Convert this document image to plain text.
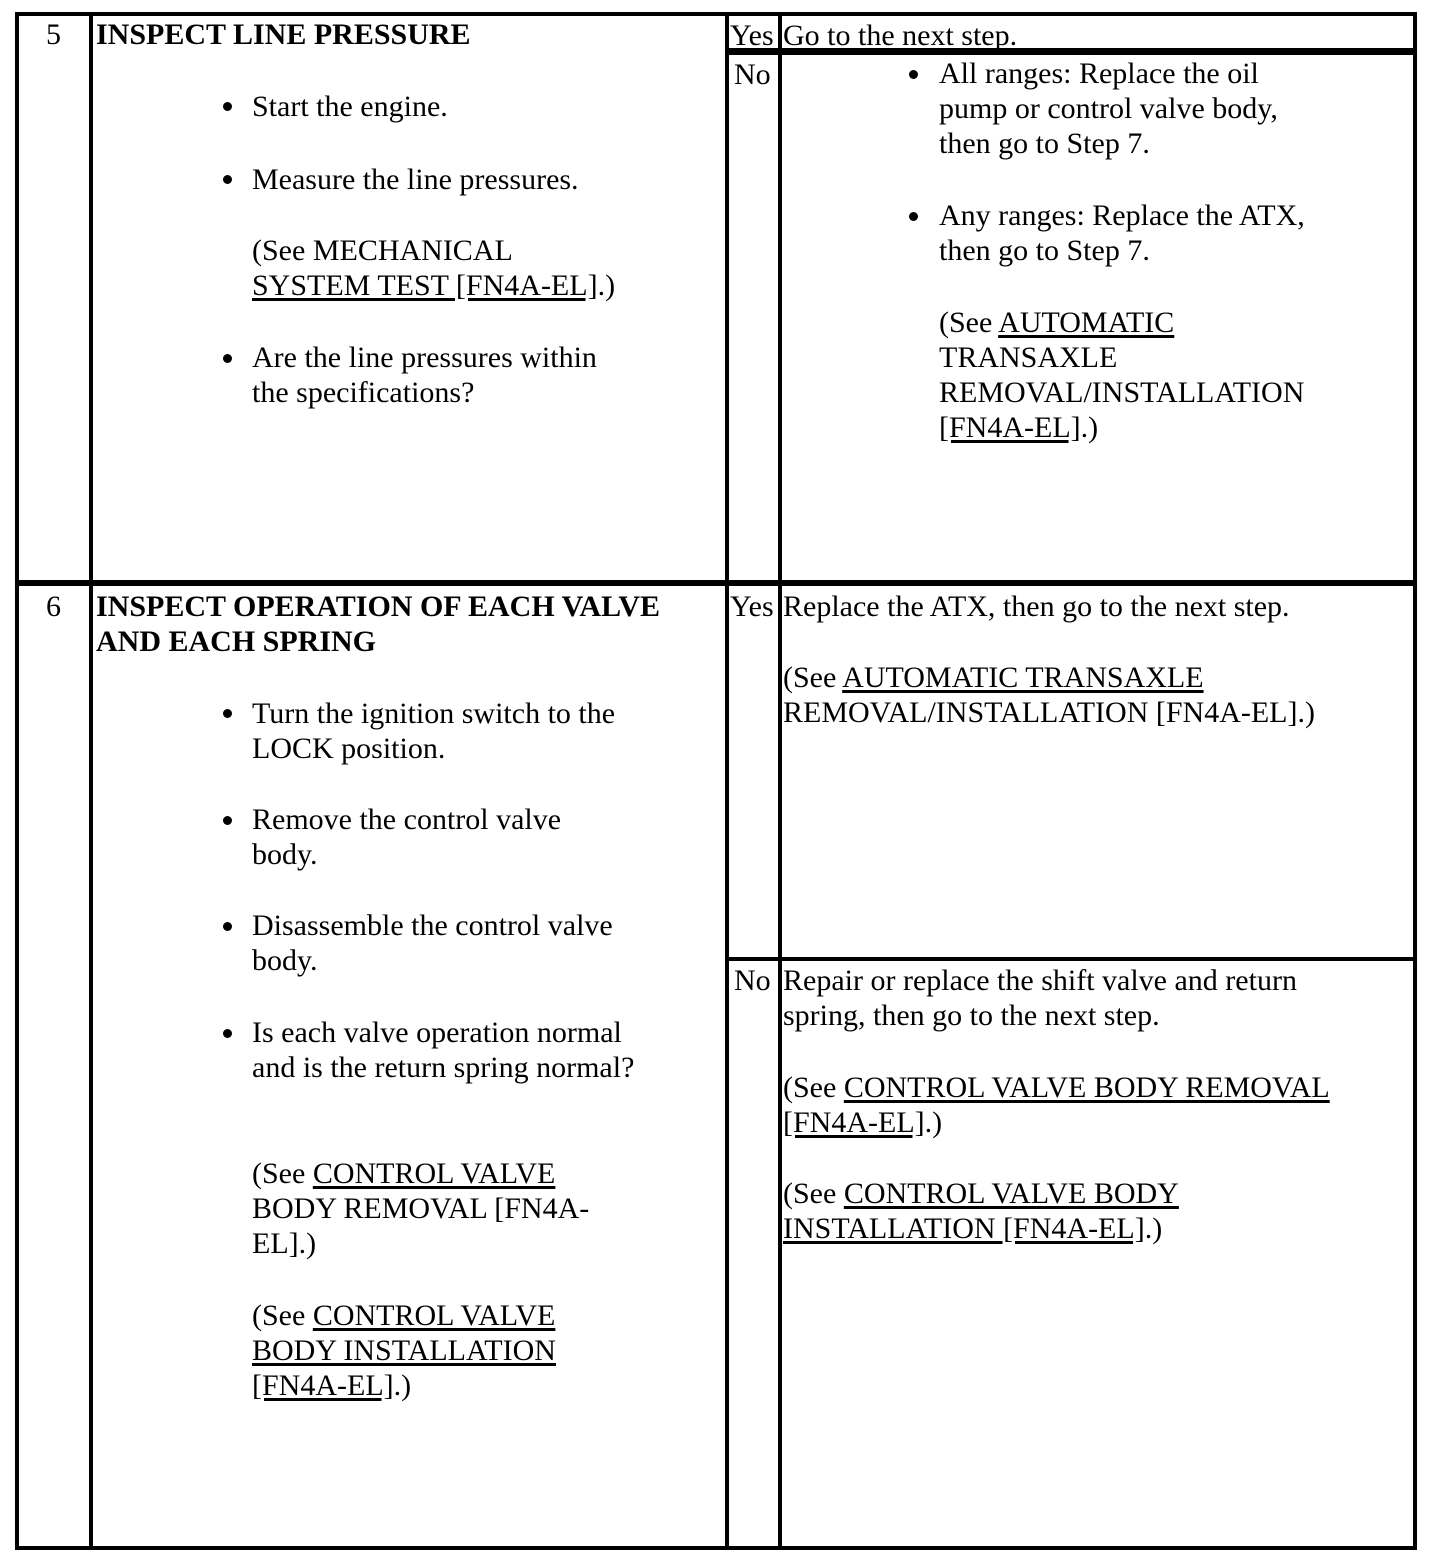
5 INSPECT LINE PRESSURE
Start the engine.
Measure the line pressures.
(See MECHANICAL
SYSTEM TEST [FN4A-EL].)
Are the line pressures within the specifications?
Yes Go to the next step.
No	All ranges: Replace the oil pump or control valve body, then go to Step 7.
Any ranges: Replace the ATX, then go to Step 7.
(See AUTOMATIC
TRANSAXLE
REMOVAL/INSTALLATION
[FN4A-EL].)
6 INSPECT OPERATION OF EACH VALVE AND EACH SPRING
Turn the ignition switch to the LOCK position.
Remove the control valve body.
Disassemble the control valve body.
Is each valve operation normal and is the return spring normal?
(See CONTROL VALVE
BODY REMOVAL [FN4A-
EL].)
(See CONTROL VALVE
BODY INSTALLATION
[FN4A-EL].)
Yes Replace the ATX, then go to the next step.
(See AUTOMATIC TRANSAXLE
REMOVAL/INSTALLATION [FN4A-EL].)
No Repair or replace the shift valve and return spring, then go to the next step.
(See CONTROL VALVE BODY REMOVAL
[FN4A-EL].)
(See CONTROL VALVE BODY
INSTALLATION [FN4A-EL].)
